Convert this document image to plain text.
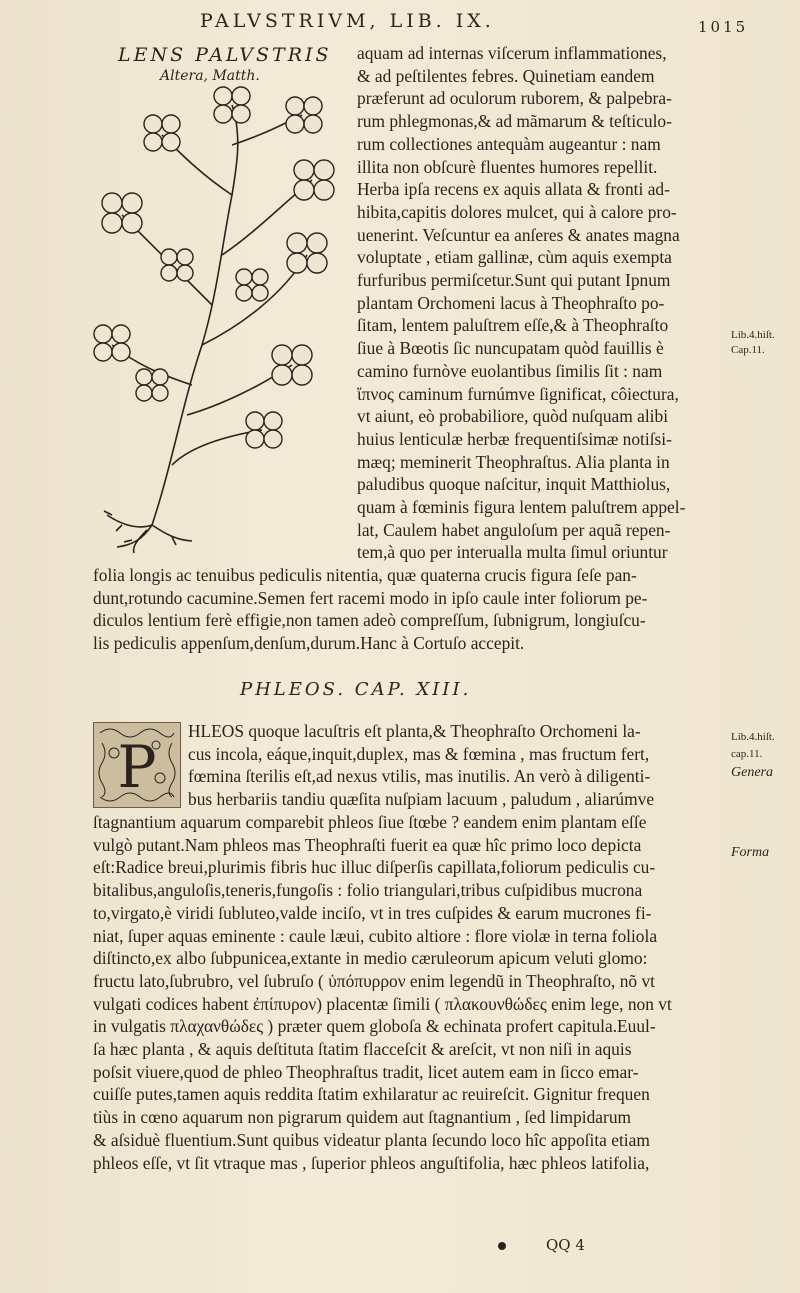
PALVSTRIVM, LIB. IX.	1015
LENS PALVSTRIS
Altera, Matth.
aquam ad internas viſcerum inflammationes,
& ad peſtilentes febres. Quinetiam eandem
præferunt ad oculorum ruborem, & palpebra-
rum phlegmonas,& ad mãmarum & teſticulo-
rum collectiones antequàm augeantur : nam
illita non obſcurè fluentes humores repellit.
Herba ipſa recens ex aquis allata & fronti ad-
hibita,capitis dolores mulcet, qui à calore pro-
uenerint. Veſcuntur ea anſeres & anates magna
voluptate , etiam gallinæ, cùm aquis exempta
furfuribus permiſcetur.Sunt qui putant Ipnum
plantam Orchomeni lacus à Theophraſto po-
ſitam, lentem paluſtrem eſſe,& à Theophraſto
ſiue à Bœotis ſic nuncupatam quòd fauillis è
camino furnòve euolantibus ſimilis ſit : nam
ἴπνος caminum furnúmve ſignificat, côiectura,
vt aiunt, eò probabiliore, quòd nuſquam alibi
huius lenticulæ herbæ frequentiſsimæ notiſsi-
mæq; meminerit Theophraſtus. Alia planta in
paludibus quoque naſcitur, inquit Matthiolus,
quam à fœminis figura lentem paluſtrem appel-
lat, Caulem habet anguloſum per aquã repen-
tem,à quo per interualla multa ſimul oriuntur
Lib.4.hiſt.
Cap.11.
folia longis ac tenuibus pediculis nitentia, quæ quaterna crucis figura ſeſe pan-
dunt,rotundo cacumine.Semen fert racemi modo in ipſo caule inter foliorum pe-
diculos lentium ferè effigie,non tamen adeò compreſſum, ſubnigrum, longiuſcu-
lis pediculis appenſum,denſum,durum.Hanc à Cortuſo accepit.
PHLEOS. CAP. XIII.
P
HLEOS quoque lacuſtris eſt planta,& Theophraſto Orchomeni la-
cus incola, eáque,inquit,duplex, mas & fœmina , mas fructum fert,
fœmina ſterilis eſt,ad nexus vtilis, mas inutilis. An verò à diligenti-
bus herbariis tandiu quæſita nuſpiam lacuum , paludum , aliarúmve
Lib.4.hiſt.
cap.11.
Genera
Forma
ſtagnantium aquarum comparebit phleos ſiue ſtœbe ? eandem enim plantam eſſe
vulgò putant.Nam phleos mas Theophraſti fuerit ea quæ hîc primo loco depicta
eſt:Radice breui,plurimis fibris huc illuc diſperſis capillata,foliorum pediculis cu-
bitalibus,anguloſis,teneris,fungoſis : folio triangulari,tribus cuſpidibus mucrona
to,virgato,è viridi ſubluteo,valde inciſo, vt in tres cuſpides & earum mucrones fi-
niat, ſuper aquas eminente : caule læui, cubito altiore : flore violæ in terna foliola
diſtincto,ex albo ſubpunicea,extante in medio cæruleorum apicum veluti glomo:
fructu lato,ſubrubro, vel ſubruſo ( ὑπόπυρρον enim legendũ in Theophraſto, nõ vt
vulgati codices habent ἐπίπυρον) placentæ ſimili ( πλακουνθώδες enim lege, non vt
in vulgatis πλαχανθώδες ) præter quem globoſa & echinata profert capitula.Euul-
ſa hæc planta , & aquis deſtituta ſtatim flacceſcit & areſcit, vt non niſi in aquis
poſsit viuere,quod de phleo Theophraſtus tradit, licet autem eam in ſicco emar-
cuiſſe putes,tamen aquis reddita ſtatim exhilaratur ac reuireſcit. Gignitur frequen
tiùs in cœno aquarum non pigrarum quidem aut ſtagnantium , ſed limpidarum
& aſsiduè fluentium.Sunt quibus videatur planta ſecundo loco hîc appoſita etiam
phleos eſſe, vt ſit vtraque mas , ſuperior phleos anguſtifolia, hæc phleos latifolia,
QQ 4
